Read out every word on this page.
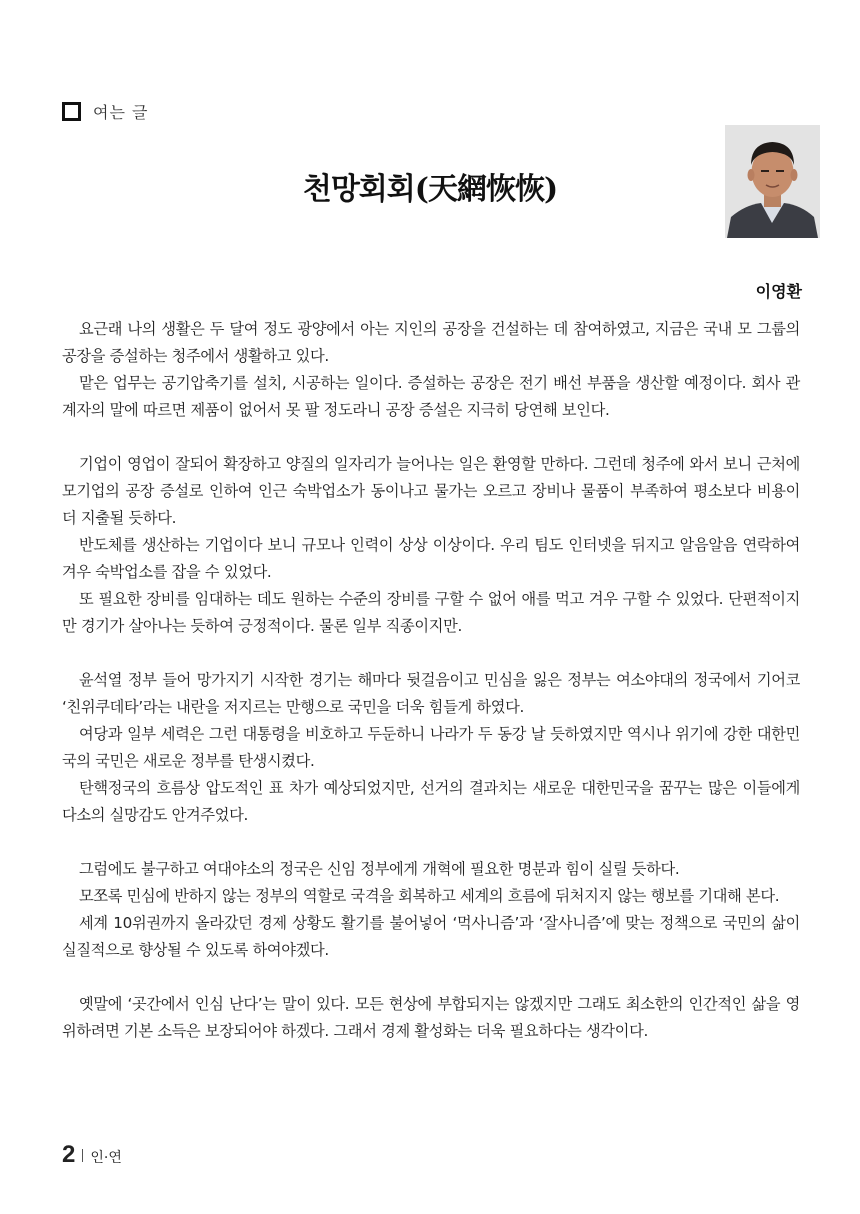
여는 글
천망회회(天網恢恢)
이영환

요근래 나의 생활은 두 달여 정도 광양에서 아는 지인의 공장을 건설하는 데 참여하였고, 지금은 국내 모 그룹의 공장을 증설하는 청주에서 생활하고 있다.

맡은 업무는 공기압축기를 설치, 시공하는 일이다. 증설하는 공장은 전기 배선 부품을 생산할 예정이다. 회사 관계자의 말에 따르면 제품이 없어서 못 팔 정도라니 공장 증설은 지극히 당연해 보인다.

기업이 영업이 잘되어 확장하고 양질의 일자리가 늘어나는 일은 환영할 만하다. 그런데 청주에 와서 보니 근처에 모기업의 공장 증설로 인하여 인근 숙박업소가 동이나고 물가는 오르고 장비나 물품이 부족하여 평소보다 비용이 더 지출될 듯하다.

반도체를 생산하는 기업이다 보니 규모나 인력이 상상 이상이다. 우리 팀도 인터넷을 뒤지고 알음알음 연락하여 겨우 숙박업소를 잡을 수 있었다.

또 필요한 장비를 임대하는 데도 원하는 수준의 장비를 구할 수 없어 애를 먹고 겨우 구할 수 있었다. 단편적이지만 경기가 살아나는 듯하여 긍정적이다. 물론 일부 직종이지만.

윤석열 정부 들어 망가지기 시작한 경기는 해마다 뒷걸음이고 민심을 잃은 정부는 여소야대의 정국에서 기어코 ‘친위쿠데타’라는 내란을 저지르는 만행으로 국민을 더욱 힘들게 하였다.

여당과 일부 세력은 그런 대통령을 비호하고 두둔하니 나라가 두 동강 날 듯하였지만 역시나 위기에 강한 대한민국의 국민은 새로운 정부를 탄생시켰다.

탄핵정국의 흐름상 압도적인 표 차가 예상되었지만, 선거의 결과치는 새로운 대한민국을 꿈꾸는 많은 이들에게 다소의 실망감도 안겨주었다.

그럼에도 불구하고 여대야소의 정국은 신임 정부에게 개혁에 필요한 명분과 힘이 실릴 듯하다.

모쪼록 민심에 반하지 않는 정부의 역할로 국격을 회복하고 세계의 흐름에 뒤처지지 않는 행보를 기대해 본다.

세계 10위권까지 올라갔던 경제 상황도 활기를 불어넣어 ‘먹사니즘’과 ‘잘사니즘’에 맞는 정책으로 국민의 삶이 실질적으로 향상될 수 있도록 하여야겠다.

옛말에 ‘곳간에서 인심 난다’는 말이 있다. 모든 현상에 부합되지는 않겠지만 그래도 최소한의 인간적인 삶을 영위하려면 기본 소득은 보장되어야 하겠다. 그래서 경제 활성화는 더욱 필요하다는 생각이다.

2 인·연
